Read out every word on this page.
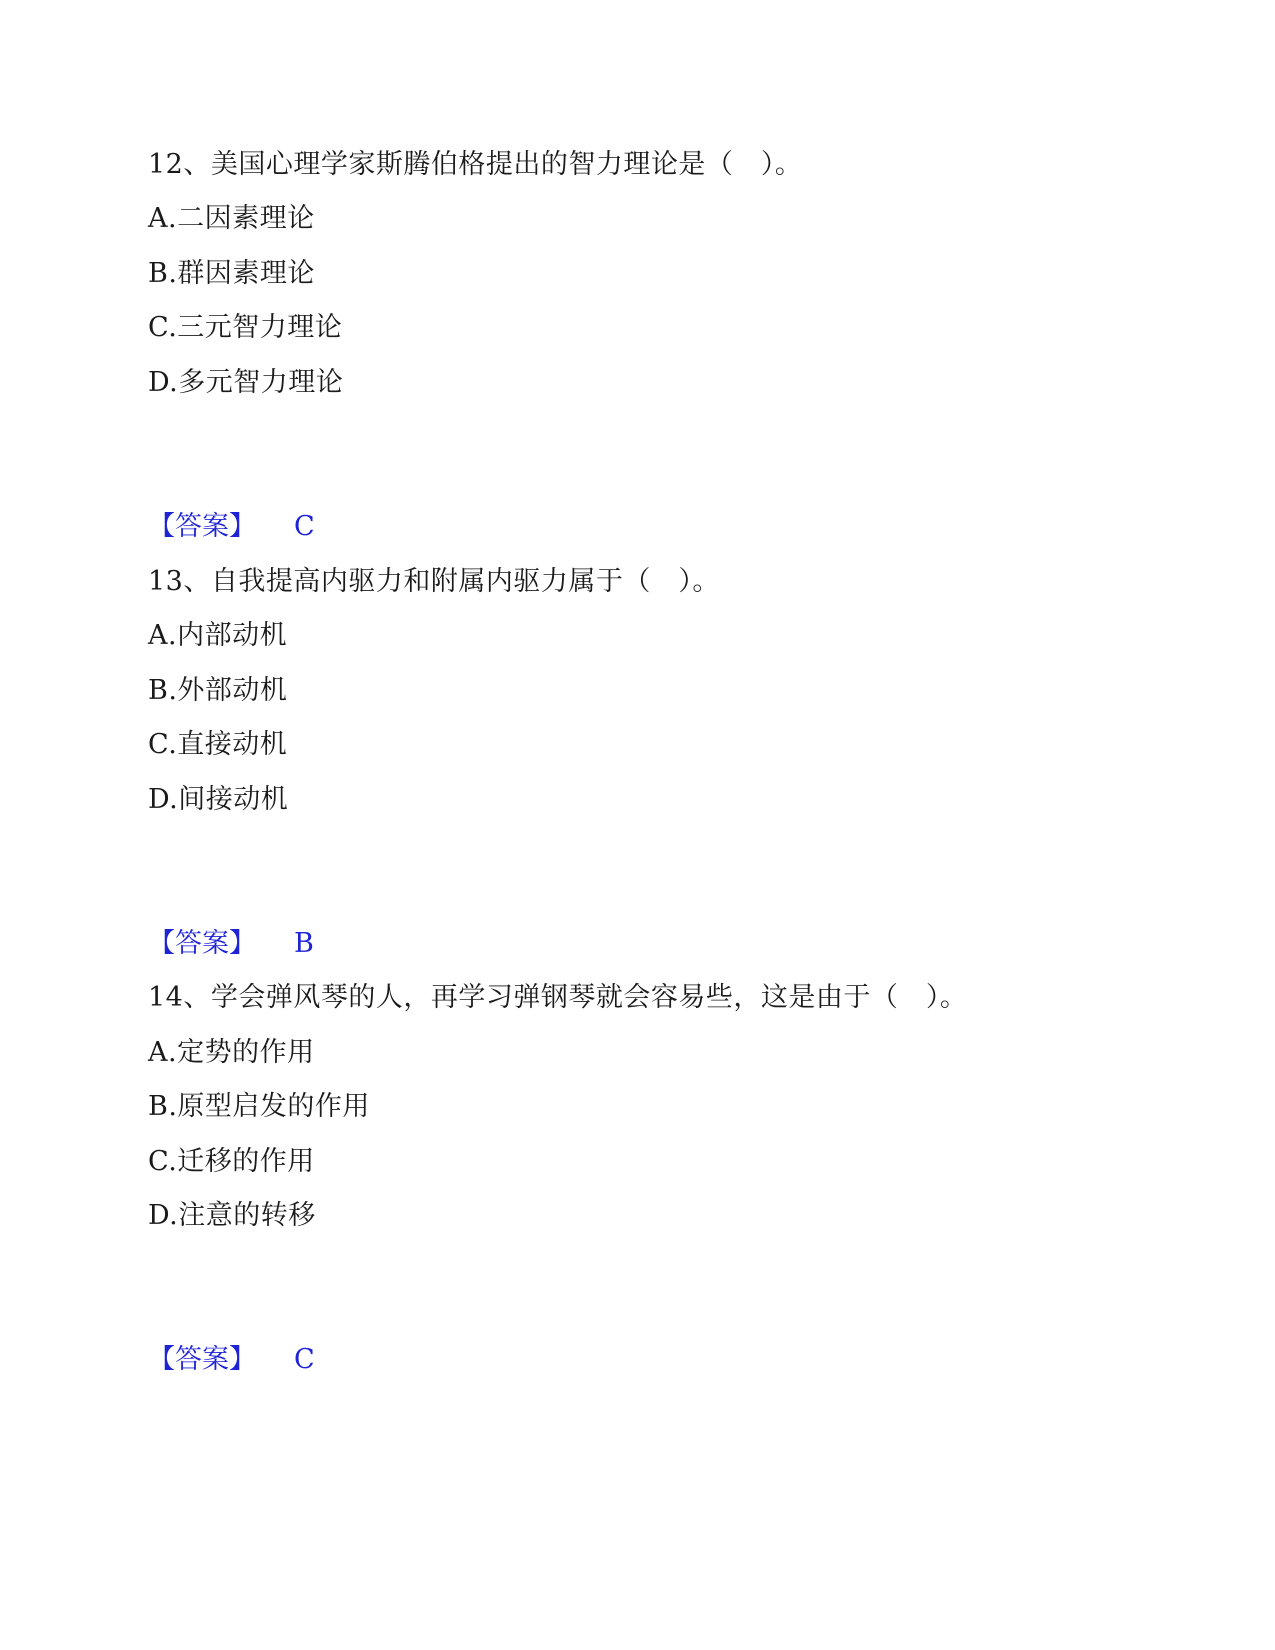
12、美国心理学家斯腾伯格提出的智力理论是（　）。
A.二因素理论
B.群因素理论
C.三元智力理论
D.多元智力理论
【答案】 C
13、自我提高内驱力和附属内驱力属于（　）。
A.内部动机
B.外部动机
C.直接动机
D.间接动机
【答案】 B
14、学会弹风琴的人，再学习弹钢琴就会容易些，这是由于（　）。
A.定势的作用
B.原型启发的作用
C.迁移的作用
D.注意的转移
【答案】 C
